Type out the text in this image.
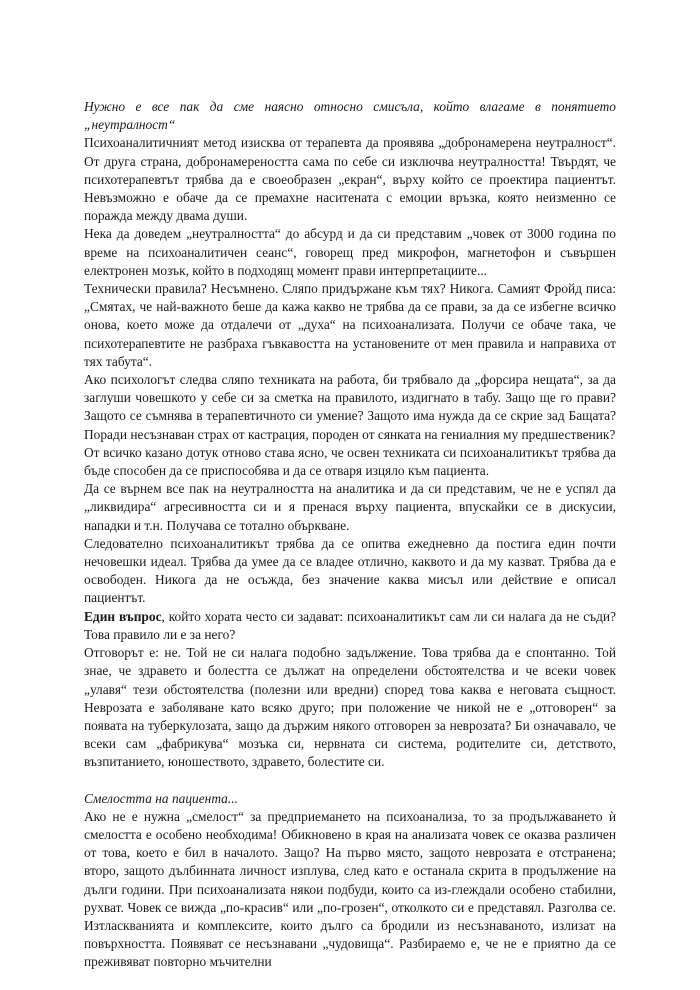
Нужно е все пак да сме наясно относно смисъла, който влагаме в понятието „неутралност“

Психоаналитичният метод изисква от терапевта да проявява „добронамерена неутралност“. От друга страна, добронамереността сама по себе си изключва неутралността! Твърдят, че психотерапевтът трябва да е своеобразен „екран“, върху който се проектира пациентът. Невъзможно е обаче да се премахне наситената с емоции връзка, която неизменно се поражда между двама души.

Нека да доведем „неутралността“ до абсурд и да си представим „човек от 3000 година по време на психоаналитичен сеанс“, говорещ пред микрофон, магнетофон и съвършен електронен мозък, който в подходящ момент прави интерпретациите...

Технически правила? Несъмнено. Сляпо придържане към тях? Никога. Самият Фройд писа: „Смятах, че най-важното беше да кажа какво не трябва да се прави, за да се избегне всичко онова, което може да отдалечи от „духа“ на психоанализата. Получи се обаче така, че психотерапевтите не разбраха гъвкавостта на установените от мен правила и направиха от тях табута“.

Ако психологът следва сляпо техниката на работа, би трябвало да „форсира нещата“, за да заглуши човешкото у себе си за сметка на правилото, издигнато в табу. Защо ще го прави? Защото се съмнява в терапевтичното си умение? Защото има нужда да се скрие зад Бащата? Поради несъзнаван страх от кастрация, породен от сянката на гениалния му предшественик?

От всичко казано дотук отново става ясно, че освен техниката си психоаналитикът трябва да бъде способен да се приспособява и да се отваря изцяло към пациента.

Да се върнем все пак на неутралността на аналитика и да си представим, че не е успял да „ликвидира“ агресивността си и я пренася върху пациента, впускайки се в дискусии, нападки и т.н. Получава се тотално объркване.

Следователно психоаналитикът трябва да се опитва ежедневно да постига един почти нечовешки идеал. Трябва да умее да се владее отлично, каквото и да му казват. Трябва да е освободен. Никога да не осъжда, без значение каква мисъл или действие е описал пациентът.

Един въпрос, който хората често си задават: психоаналитикът сам ли си налага да не съди? Това правило ли е за него?

Отговорът е: не. Той не си налага подобно задължение. Това трябва да е спонтанно. Той знае, че здравето и болестта се дължат на определени обстоятелства и че всеки човек „улавя“ тези обстоятелства (полезни или вредни) според това каква е неговата същност. Неврозата е заболяване като всяко друго; при положение че никой не е „отговорен“ за появата на туберкулозата, защо да държим някого отговорен за неврозата? Би означавало, че всеки сам „фабрикува“ мозъка си, нервната си система, родителите си, детството, възпитанието, юношеството, здравето, болестите си.

Смелостта на пациента...

Ако не е нужна „смелост“ за предприемането на психоанализа, то за продължаването ѝ смелостта е особено необходима! Обикновено в края на анализата човек се оказва различен от това, което е бил в началото. Защо? На първо място, защото неврозата е отстранена; второ, защото дълбинната личност изплува, след като е останала скрита в продължение на дълги години. При психоанализата някои подбуди, които са из-глеждали особено стабилни, рухват. Човек се вижда „по-красив“ или „по-грозен“, отколкото си е представял. Разголва се. Изтласкванията и комплексите, които дълго са бродили из несъзнаваното, излизат на повърхността. Появяват се несъзнавани „чудовища“. Разбираемо е, че не е приятно да се преживяват повторно мъчителни
